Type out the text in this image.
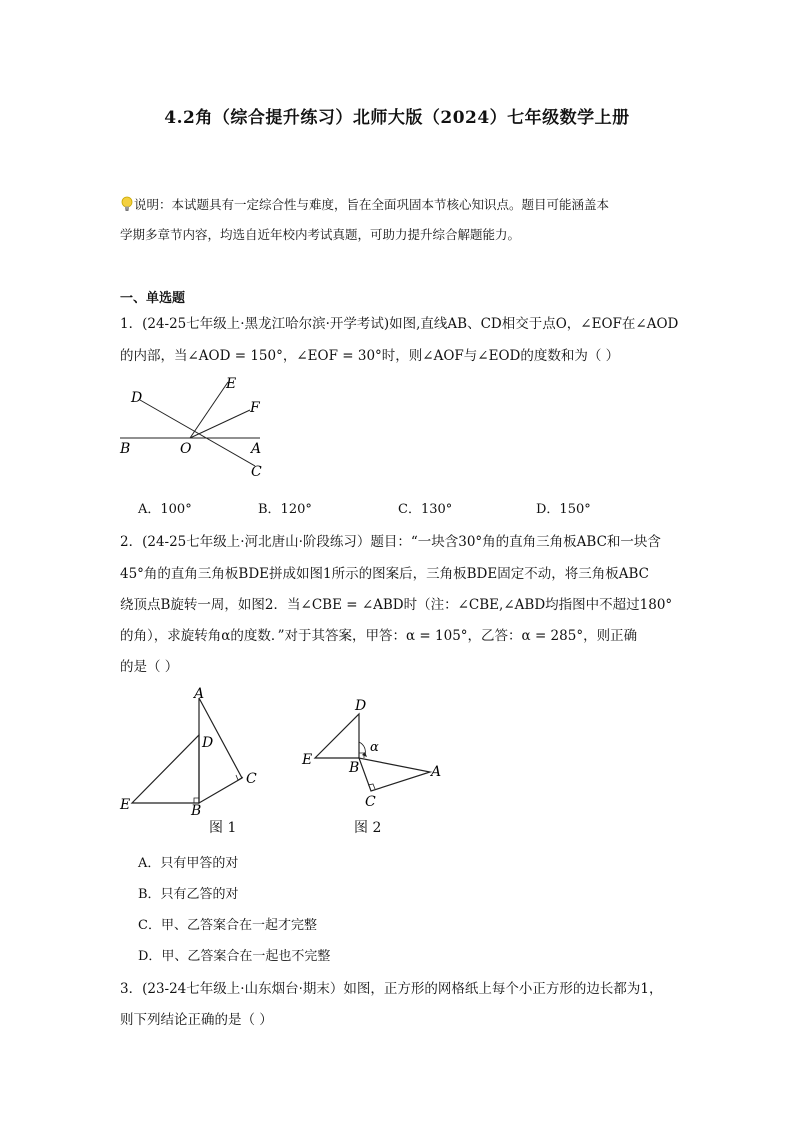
4.2角（综合提升练习）北师大版（2024）七年级数学上册
说明：本试题具有一定综合性与难度，旨在全面巩固本节核心知识点。题目可能涵盖本
学期多章节内容，均选自近年校内考试真题，可助力提升综合解题能力。
一、单选题
1．(24-25七年级上·黑龙江哈尔滨·开学考试)如图,直线AB、CD相交于点O，∠EOF在∠AOD
的内部，当∠AOD = 150°，∠EOF = 30°时，则∠AOF与∠EOD的度数和为（ ）
D
E
F
B	O	A
C
A．100°	B．120°	C．130°	D．150°
2．(24-25七年级上·河北唐山·阶段练习）题目：“一块含30°角的直角三角板ABC和一块含
45°角的直角三角板BDE拼成如图1所示的图案后，三角板BDE固定不动，将三角板ABC
绕顶点B旋转一周，如图2．当∠CBE = ∠ABD时（注：∠CBE,∠ABD均指图中不超过180°
的角），求旋转角α的度数．”对于其答案，甲答：α = 105°，乙答：α = 285°，则正确
的是（ ）
A
D
C
E	B
图 1
D
α
E	B	A
C
图 2
A．只有甲答的对
B．只有乙答的对
C．甲、乙答案合在一起才完整
D．甲、乙答案合在一起也不完整
3．(23-24七年级上·山东烟台·期末）如图，正方形的网格纸上每个小正方形的边长都为1，
则下列结论正确的是（ ）
